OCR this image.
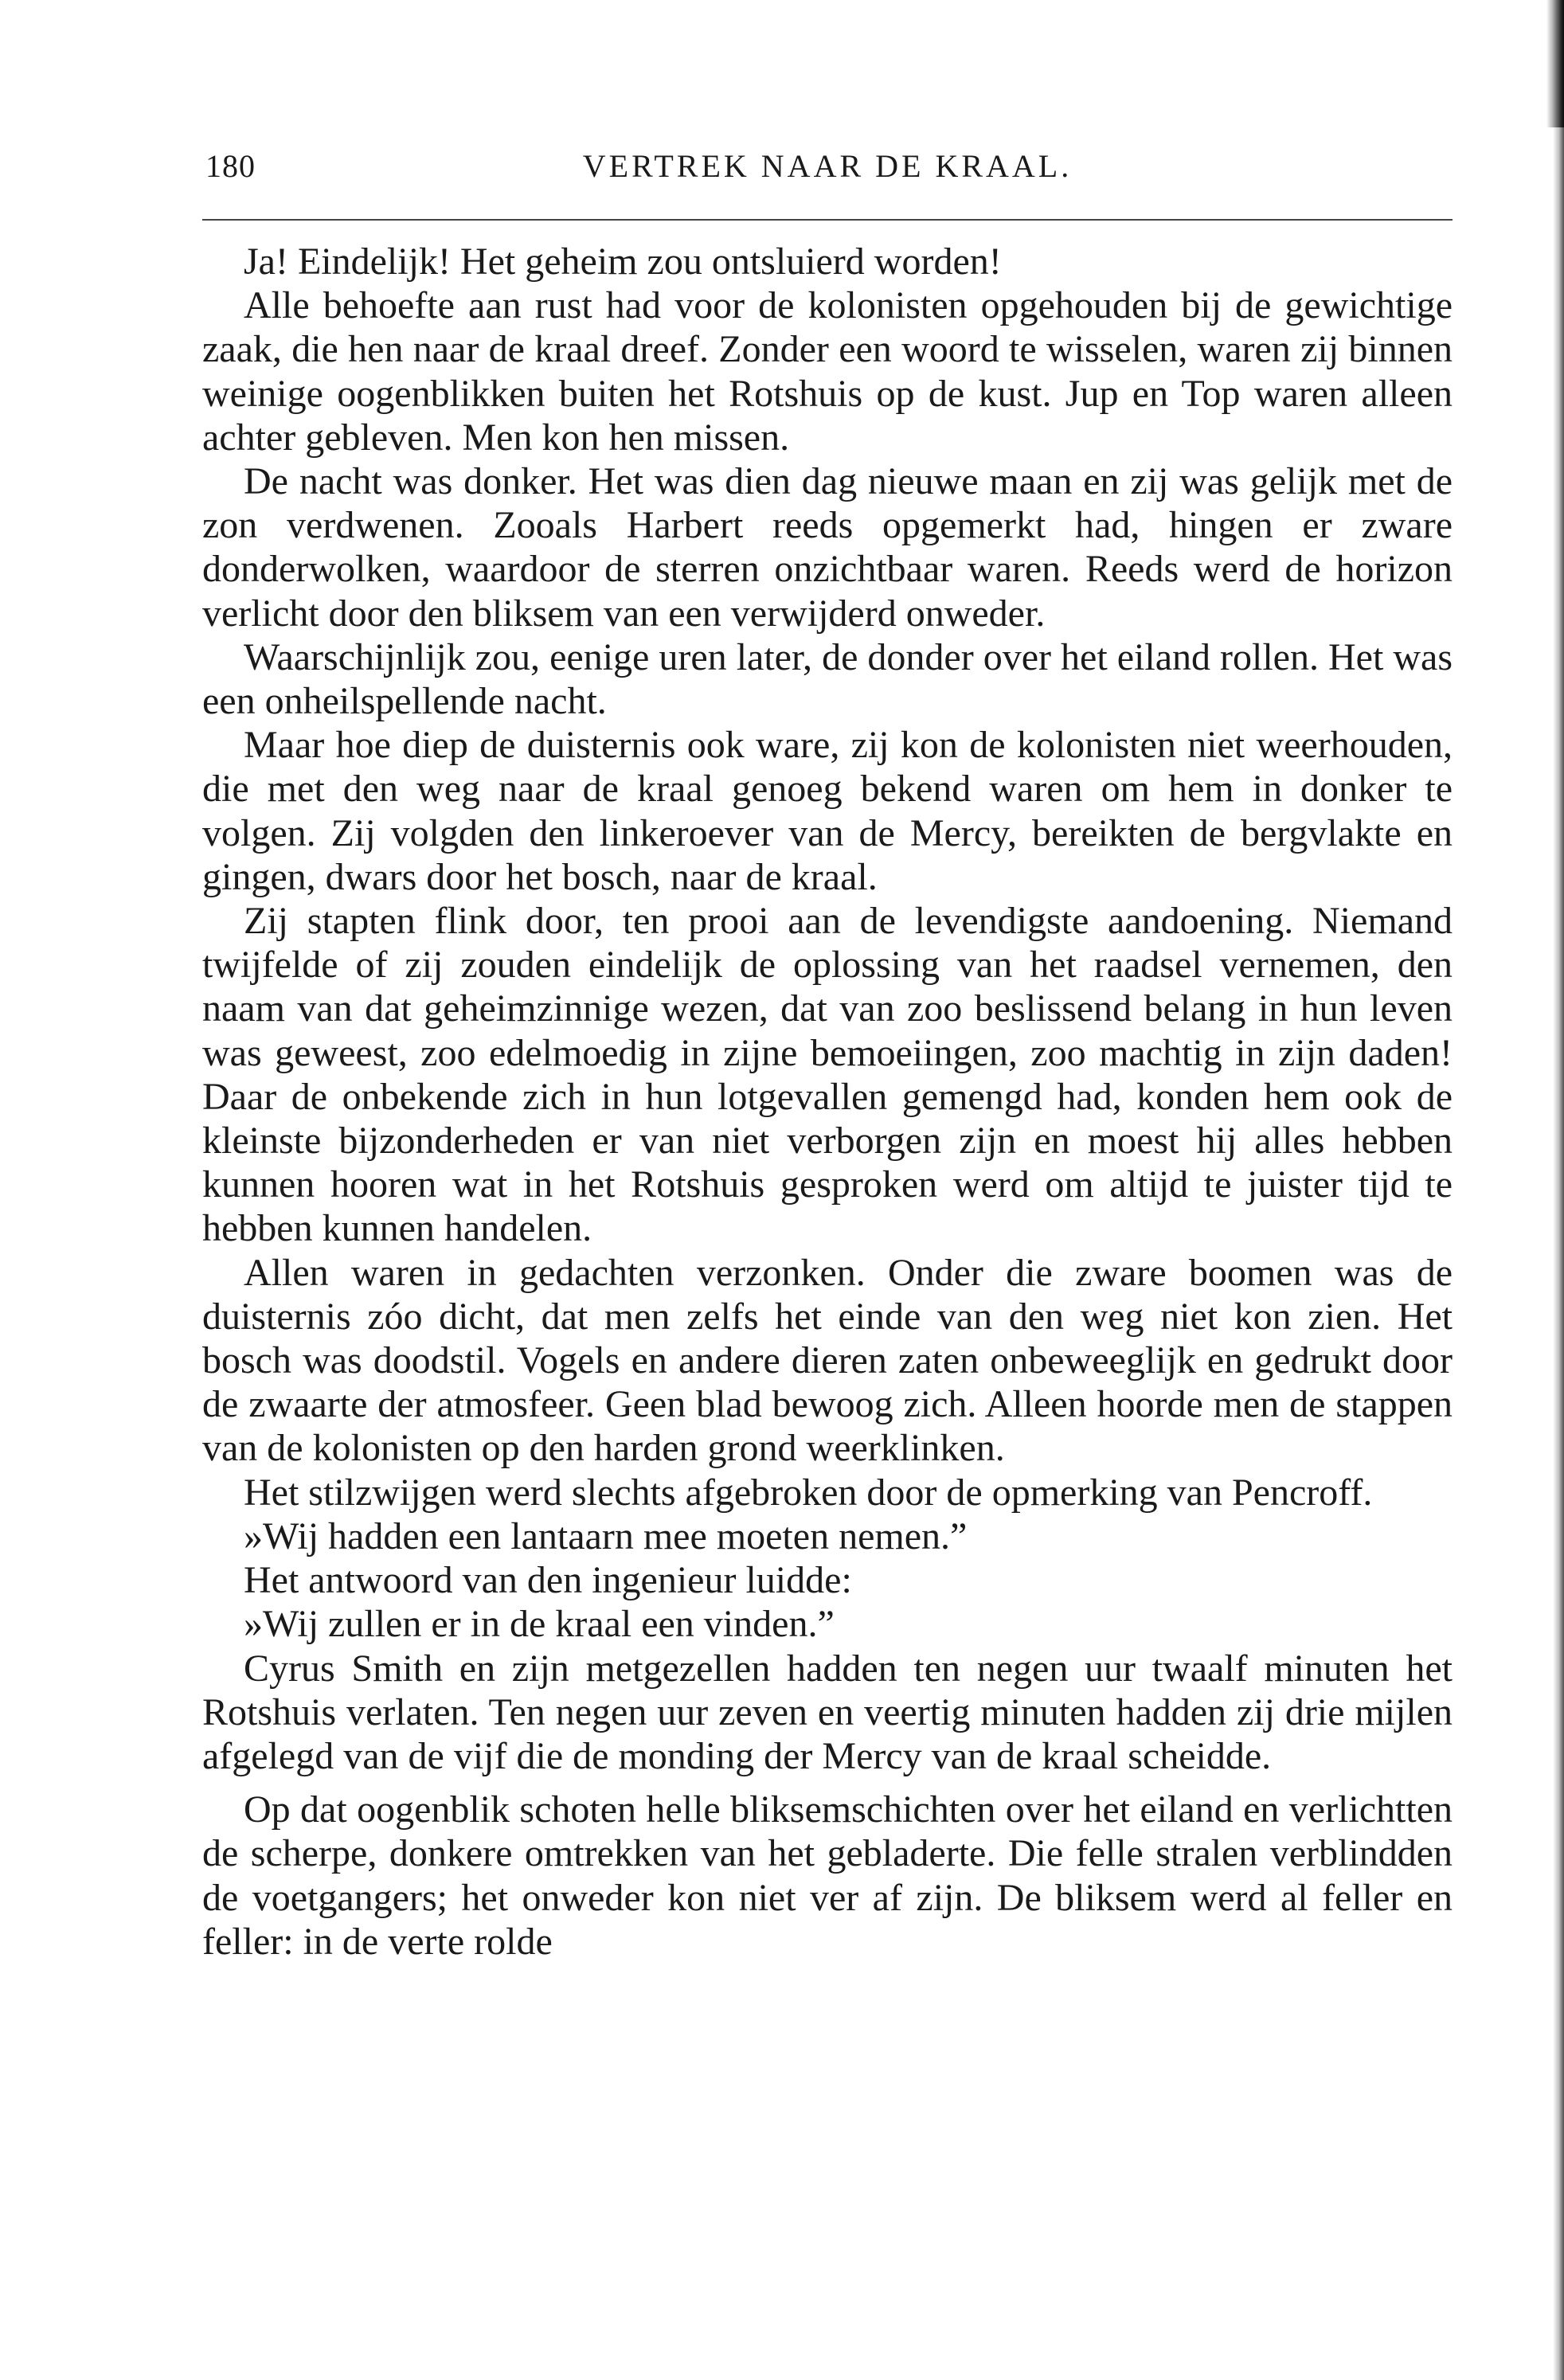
180	VERTREK NAAR DE KRAAL.

Ja! Eindelijk! Het geheim zou ontsluierd worden!

Alle behoefte aan rust had voor de kolonisten opgehouden bij de gewichtige zaak, die hen naar de kraal dreef. Zonder een woord te wisselen, waren zij binnen weinige oogenblikken buiten het Rotshuis op de kust. Jup en Top waren alleen achter gebleven. Men kon hen missen.

De nacht was donker. Het was dien dag nieuwe maan en zij was gelijk met de zon verdwenen. Zooals Harbert reeds opgemerkt had, hingen er zware donderwolken, waardoor de sterren onzichtbaar waren. Reeds werd de horizon verlicht door den bliksem van een verwijderd onweder.

Waarschijnlijk zou, eenige uren later, de donder over het eiland rollen. Het was een onheilspellende nacht.

Maar hoe diep de duisternis ook ware, zij kon de kolonisten niet weerhouden, die met den weg naar de kraal genoeg bekend waren om hem in donker te volgen. Zij volgden den linkeroever van de Mercy, bereikten de bergvlakte en gingen, dwars door het bosch, naar de kraal.

Zij stapten flink door, ten prooi aan de levendigste aandoening. Niemand twijfelde of zij zouden eindelijk de oplossing van het raadsel vernemen, den naam van dat geheimzinnige wezen, dat van zoo beslissend belang in hun leven was geweest, zoo edelmoedig in zijne bemoeiingen, zoo machtig in zijn daden! Daar de onbekende zich in hun lotgevallen gemengd had, konden hem ook de kleinste bijzonderheden er van niet verborgen zijn en moest hij alles hebben kunnen hooren wat in het Rotshuis gesproken werd om altijd te juister tijd te hebben kunnen handelen.

Allen waren in gedachten verzonken. Onder die zware boomen was de duisternis zóo dicht, dat men zelfs het einde van den weg niet kon zien. Het bosch was doodstil. Vogels en andere dieren zaten onbeweeglijk en gedrukt door de zwaarte der atmosfeer. Geen blad bewoog zich. Alleen hoorde men de stappen van de kolonisten op den harden grond weerklinken.

Het stilzwijgen werd slechts afgebroken door de opmerking van Pencroff.

»Wij hadden een lantaarn mee moeten nemen.”

Het antwoord van den ingenieur luidde:

»Wij zullen er in de kraal een vinden.”

Cyrus Smith en zijn metgezellen hadden ten negen uur twaalf minuten het Rotshuis verlaten. Ten negen uur zeven en veertig minuten hadden zij drie mijlen afgelegd van de vijf die de monding der Mercy van de kraal scheidde.

Op dat oogenblik schoten helle bliksemschichten over het eiland en verlichtten de scherpe, donkere omtrekken van het gebladerte. Die felle stralen verblindden de voetgangers; het onweder kon niet ver af zijn. De bliksem werd al feller en feller: in de verte rolde
